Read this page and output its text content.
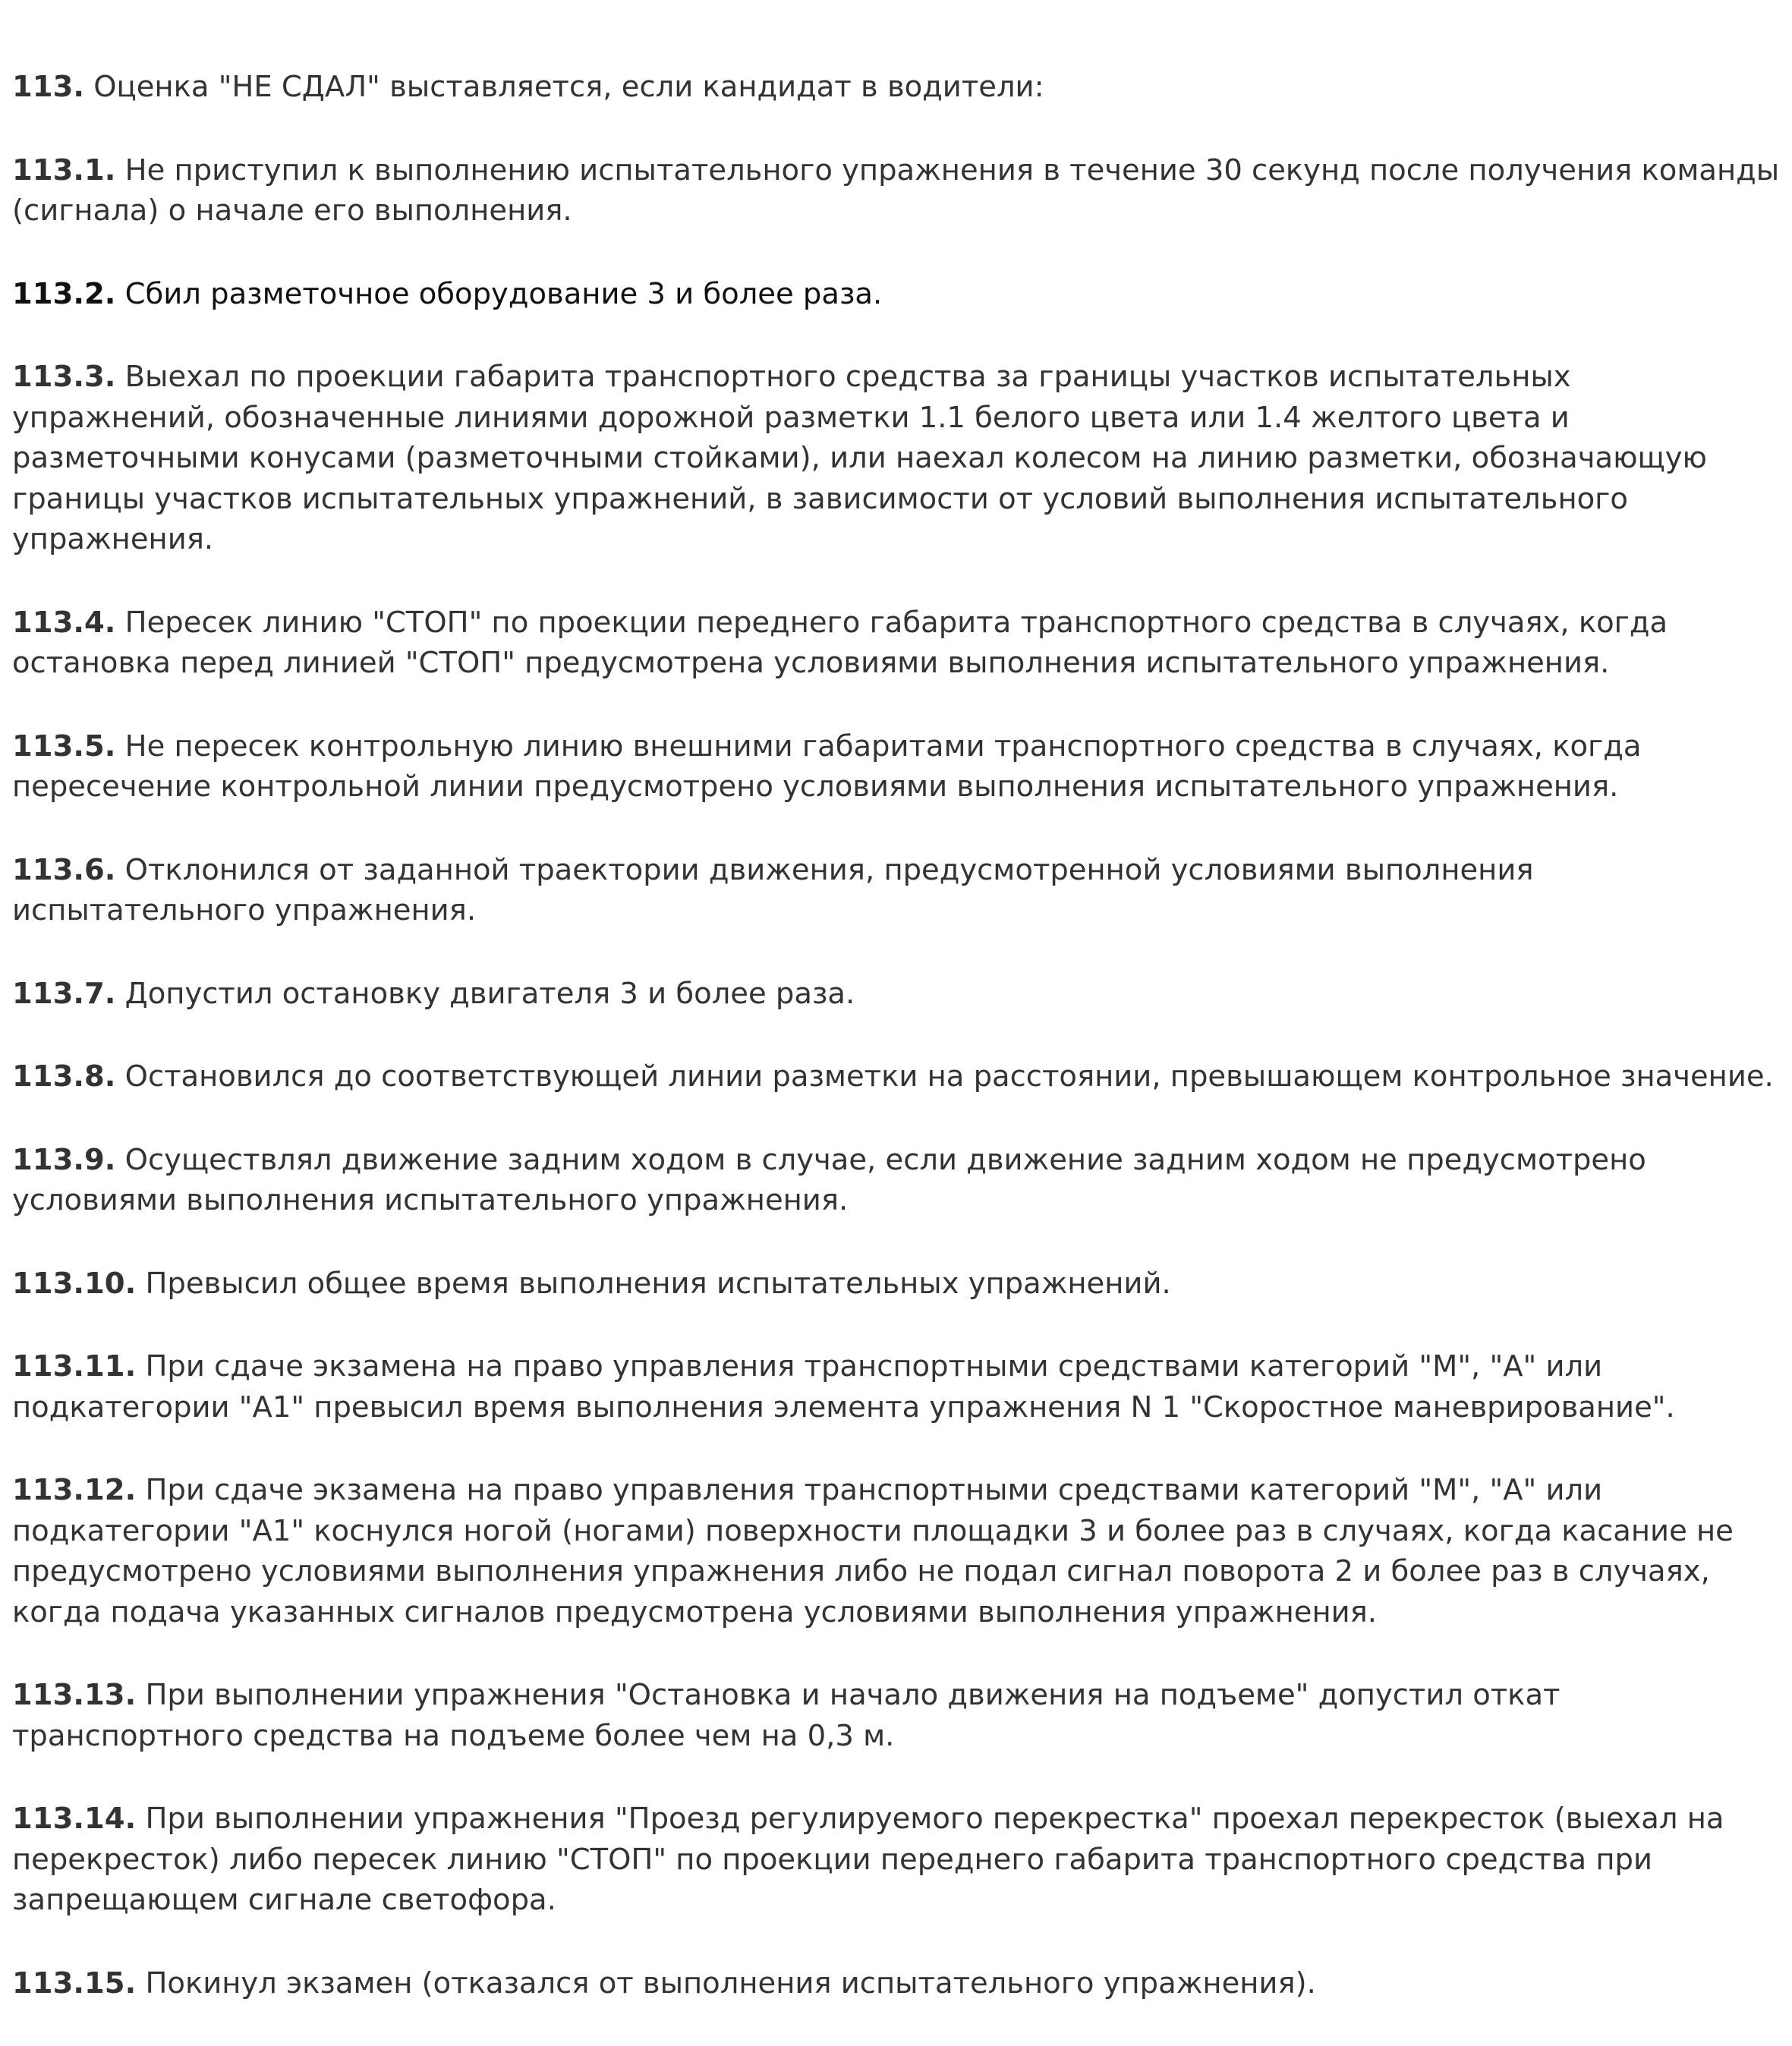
113. Оценка "НЕ СДАЛ" выставляется, если кандидат в водители:

113.1. Не приступил к выполнению испытательного упражнения в течение 30 секунд после получения команды (сигнала) о начале его выполнения.

113.2. Сбил разметочное оборудование 3 и более раза.

113.3. Выехал по проекции габарита транспортного средства за границы участков испытательных упражнений, обозначенные линиями дорожной разметки 1.1 белого цвета или 1.4 желтого цвета и разметочными конусами (разметочными стойками), или наехал колесом на линию разметки, обозначающую границы участков испытательных упражнений, в зависимости от условий выполнения испытательного упражнения.

113.4. Пересек линию "СТОП" по проекции переднего габарита транспортного средства в случаях, когда остановка перед линией "СТОП" предусмотрена условиями выполнения испытательного упражнения.

113.5. Не пересек контрольную линию внешними габаритами транспортного средства в случаях, когда пересечение контрольной линии предусмотрено условиями выполнения испытательного упражнения.

113.6. Отклонился от заданной траектории движения, предусмотренной условиями выполнения испытательного упражнения.

113.7. Допустил остановку двигателя 3 и более раза.

113.8. Остановился до соответствующей линии разметки на расстоянии, превышающем контрольное значение.

113.9. Осуществлял движение задним ходом в случае, если движение задним ходом не предусмотрено условиями выполнения испытательного упражнения.

113.10. Превысил общее время выполнения испытательных упражнений.

113.11. При сдаче экзамена на право управления транспортными средствами категорий "M", "A" или подкатегории "A1" превысил время выполнения элемента упражнения N 1 "Скоростное маневрирование".

113.12. При сдаче экзамена на право управления транспортными средствами категорий "M", "A" или подкатегории "A1" коснулся ногой (ногами) поверхности площадки 3 и более раз в случаях, когда касание не предусмотрено условиями выполнения упражнения либо не подал сигнал поворота 2 и более раз в случаях, когда подача указанных сигналов предусмотрена условиями выполнения упражнения.

113.13. При выполнении упражнения "Остановка и начало движения на подъеме" допустил откат транспортного средства на подъеме более чем на 0,3 м.

113.14. При выполнении упражнения "Проезд регулируемого перекрестка" проехал перекресток (выехал на перекресток) либо пересек линию "СТОП" по проекции переднего габарита транспортного средства при запрещающем сигнале светофора.

113.15. Покинул экзамен (отказался от выполнения испытательного упражнения).
